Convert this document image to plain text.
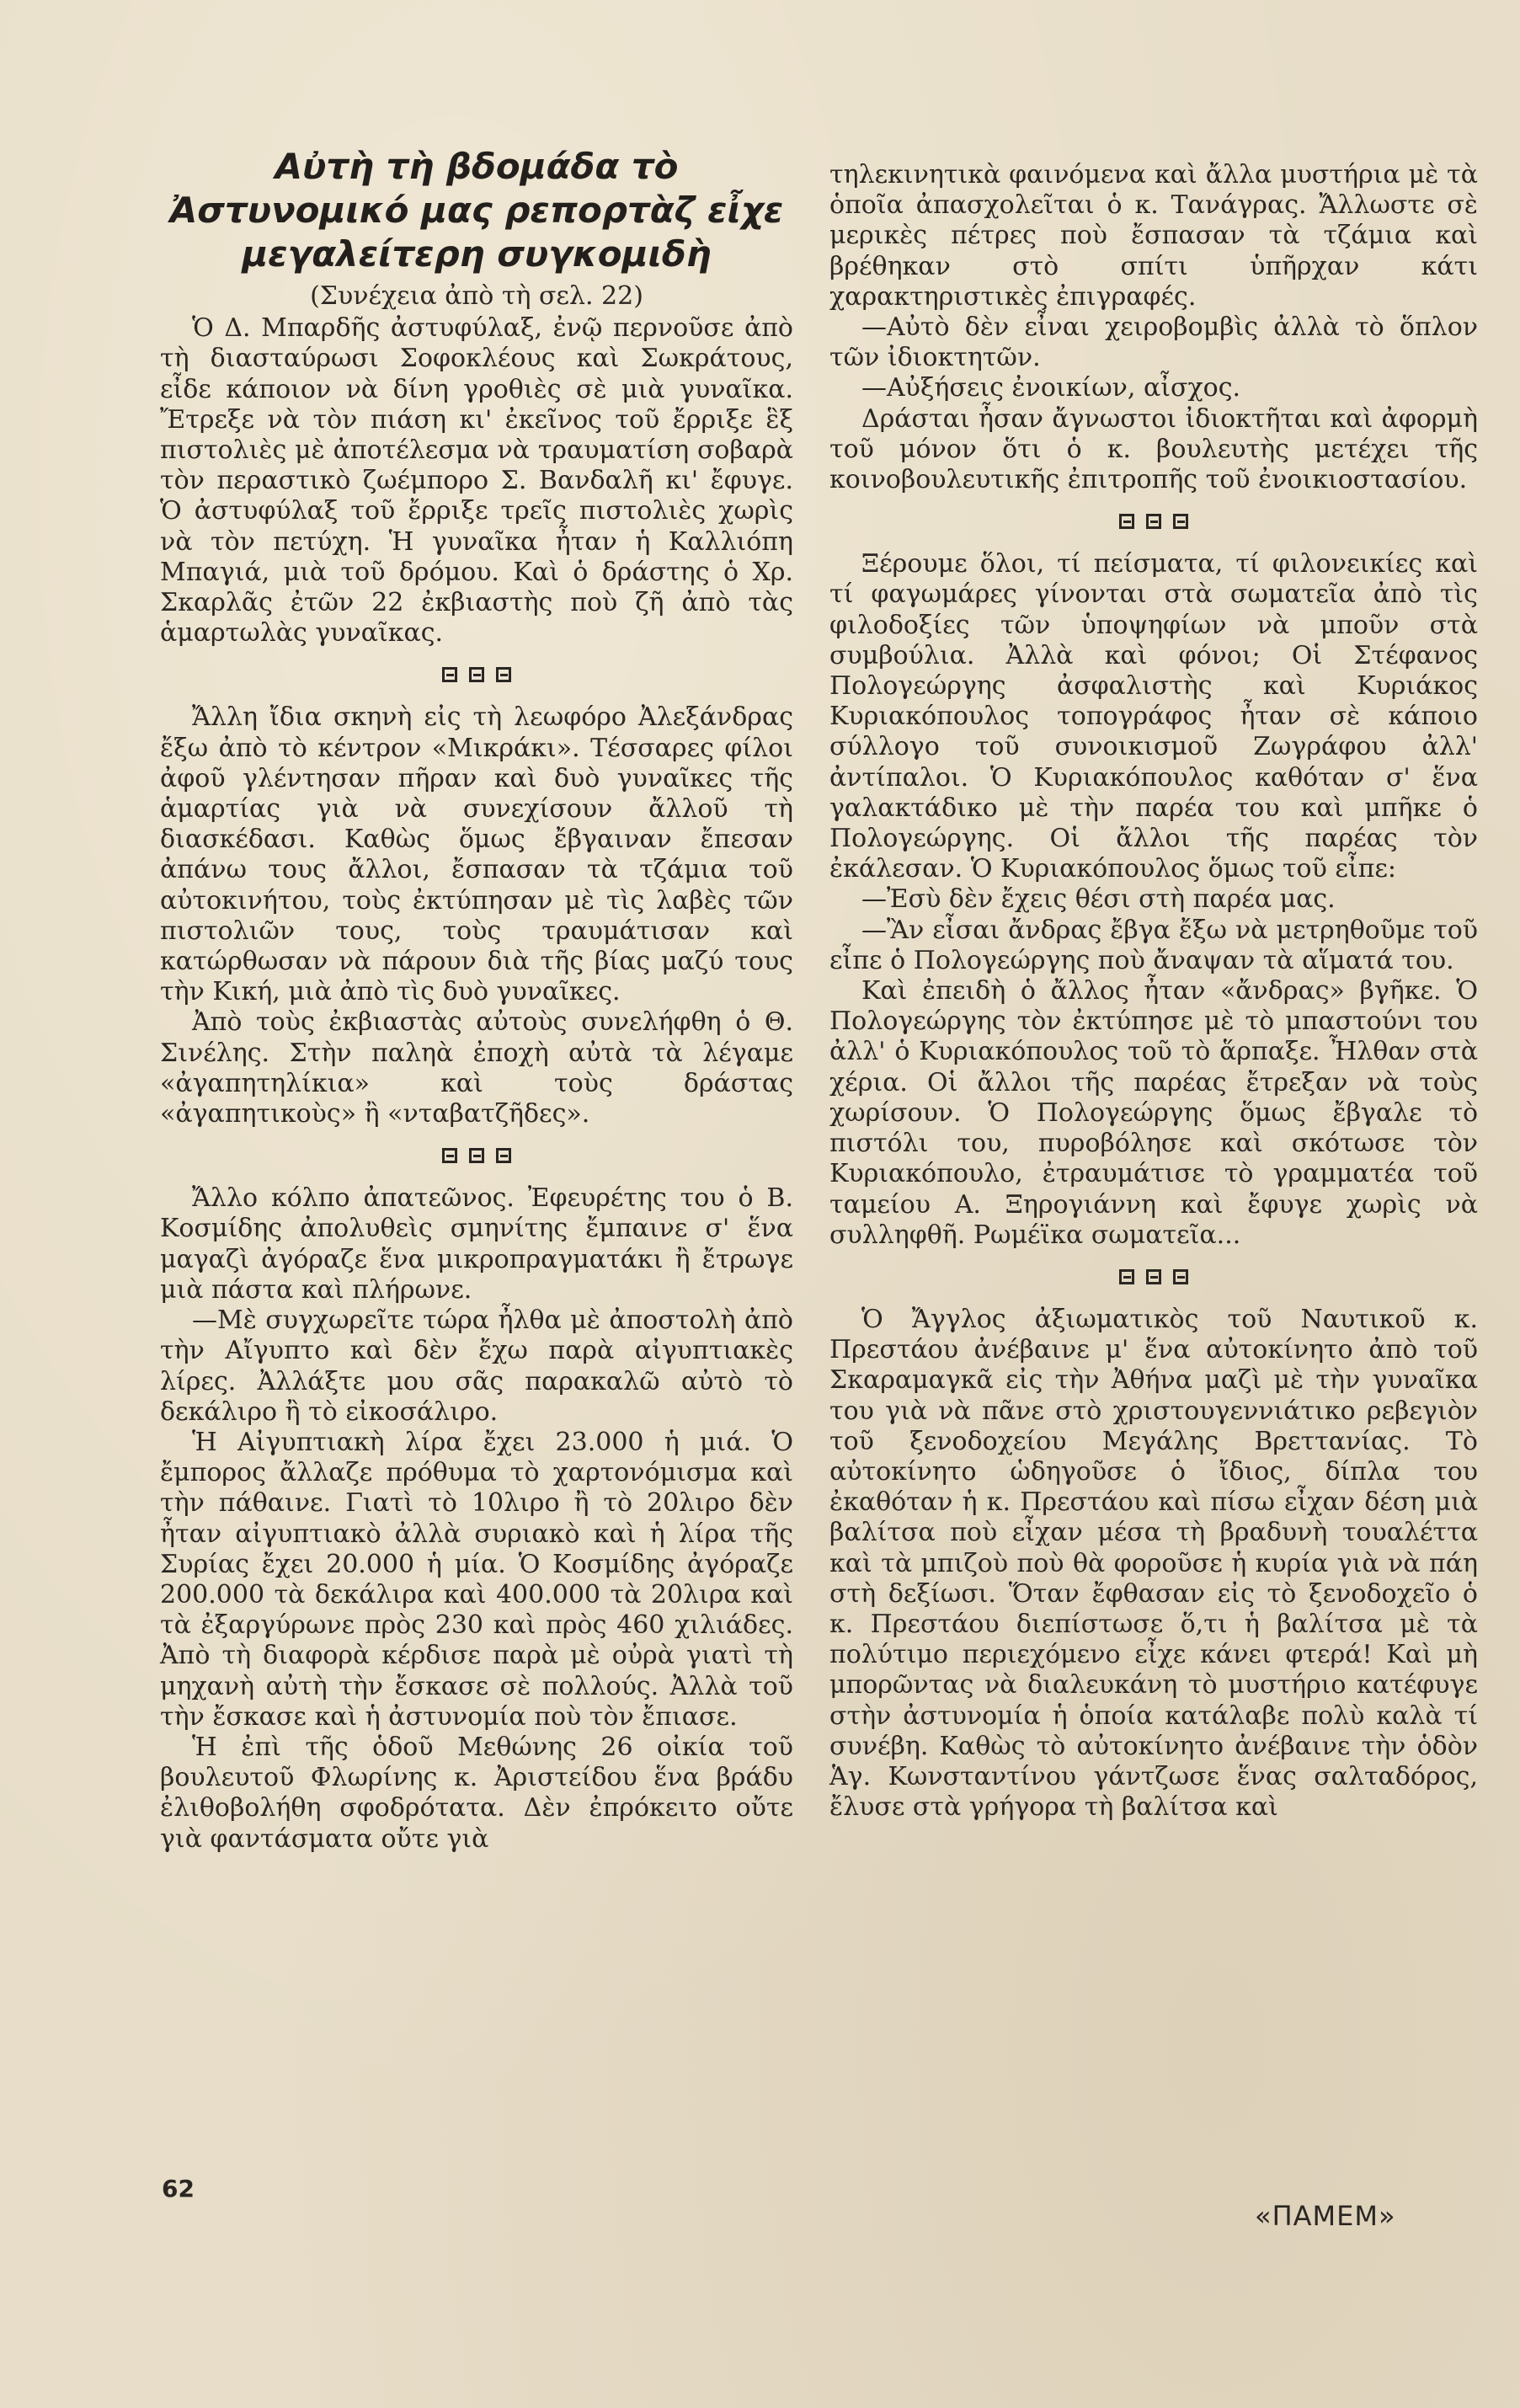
Αὐτὴ τὴ βδομάδα τὸ Ἀστυνομικό μας ρεπορτὰζ εἶχε μεγαλείτερη συγκομιδὴ
(Συνέχεια ἀπὸ τὴ σελ. 22)

Ὁ Δ. Μπαρδῆς ἀστυφύλαξ, ἐνῷ περνοῦσε ἀπὸ τὴ διασταύρωσι Σοφοκλέους καὶ Σωκράτους, εἶδε κάποιον νὰ δίνη γροθιὲς σὲ μιὰ γυναῖκα. Ἔτρεξε νὰ τὸν πιάση κι' ἐκεῖνος τοῦ ἔρριξε ἓξ πιστολιὲς μὲ ἀποτέλεσμα νὰ τραυματίση σοβαρὰ τὸν περαστικὸ ζωέμπορο Σ. Βανδαλῆ κι' ἔφυγε. Ὁ ἀστυφύλαξ τοῦ ἔρριξε τρεῖς πιστολιὲς χωρὶς νὰ τὸν πετύχη. Ἡ γυναῖκα ἦταν ἡ Καλλιόπη Μπαγιά, μιὰ τοῦ δρόμου. Καὶ ὁ δράστης ὁ Χρ. Σκαρλᾶς ἐτῶν 22 ἐκβιαστὴς ποὺ ζῆ ἀπὸ τὰς ἁμαρτωλὰς γυναῖκας.

Ἄλλη ἴδια σκηνὴ εἰς τὴ λεωφόρο Ἀλεξάνδρας ἔξω ἀπὸ τὸ κέντρον «Μικράκι». Τέσσαρες φίλοι ἀφοῦ γλέντησαν πῆραν καὶ δυὸ γυναῖκες τῆς ἁμαρτίας γιὰ νὰ συνεχίσουν ἄλλοῦ τὴ διασκέδασι. Καθὼς ὅμως ἔβγαιναν ἔπεσαν ἀπάνω τους ἄλλοι, ἔσπασαν τὰ τζάμια τοῦ αὐτοκινήτου, τοὺς ἐκτύπησαν μὲ τὶς λαβὲς τῶν πιστολιῶν τους, τοὺς τραυμάτισαν καὶ κατώρθωσαν νὰ πάρουν διὰ τῆς βίας μαζύ τους τὴν Κική, μιὰ ἀπὸ τὶς δυὸ γυναῖκες.

Ἀπὸ τοὺς ἐκβιαστὰς αὐτοὺς συνελήφθη ὁ Θ. Σινέλης. Στὴν παληὰ ἐποχὴ αὐτὰ τὰ λέγαμε «ἀγαπητηλίκια» καὶ τοὺς δράστας «ἀγαπητικοὺς» ἢ «νταβατζῆδες».

Ἄλλο κόλπο ἀπατεῶνος. Ἐφευρέτης του ὁ Β. Κοσμίδης ἀπολυθεὶς σμηνίτης ἔμπαινε σ' ἕνα μαγαζὶ ἀγόραζε ἕνα μικροπραγματάκι ἢ ἔτρωγε μιὰ πάστα καὶ πλήρωνε.

—Μὲ συγχωρεῖτε τώρα ἦλθα μὲ ἀποστολὴ ἀπὸ τὴν Αἴγυπτο καὶ δὲν ἔχω παρὰ αἰγυπτιακὲς λίρες. Ἀλλάξτε μου σᾶς παρακαλῶ αὐτὸ τὸ δεκάλιρο ἢ τὸ εἰκοσάλιρο.

Ἡ Αἰγυπτιακὴ λίρα ἔχει 23.000 ἡ μιά. Ὁ ἔμπορος ἄλλαζε πρόθυμα τὸ χαρτονόμισμα καὶ τὴν πάθαινε. Γιατὶ τὸ 10λιρο ἢ τὸ 20λιρο δὲν ἦταν αἰγυπτιακὸ ἀλλὰ συριακὸ καὶ ἡ λίρα τῆς Συρίας ἔχει 20.000 ἡ μία. Ὁ Κοσμίδης ἀγόραζε 200.000 τὰ δεκάλιρα καὶ 400.000 τὰ 20λιρα καὶ τὰ ἐξαργύρωνε πρὸς 230 καὶ πρὸς 460 χιλιάδες. Ἀπὸ τὴ διαφορὰ κέρδισε παρὰ μὲ οὐρὰ γιατὶ τὴ μηχανὴ αὐτὴ τὴν ἔσκασε σὲ πολλούς. Ἀλλὰ τοῦ τὴν ἔσκασε καὶ ἡ ἀστυνομία ποὺ τὸν ἔπιασε.

Ἡ ἐπὶ τῆς ὁδοῦ Μεθώνης 26 οἰκία τοῦ βουλευτοῦ Φλωρίνης κ. Ἀριστείδου ἕνα βράδυ ἐλιθοβολήθη σφοδρότατα. Δὲν ἐπρόκειτο οὔτε γιὰ φαντάσματα οὔτε γιὰ

τηλεκινητικὰ φαινόμενα καὶ ἄλλα μυστήρια μὲ τὰ ὁποῖα ἀπασχολεῖται ὁ κ. Τανάγρας. Ἄλλωστε σὲ μερικὲς πέτρες ποὺ ἔσπασαν τὰ τζάμια καὶ βρέθηκαν στὸ σπίτι ὑπῆρχαν κάτι χαρακτηριστικὲς ἐπιγραφές.

—Αὐτὸ δὲν εἶναι χειροβομβὶς ἀλλὰ τὸ ὅπλον τῶν ἰδιοκτητῶν.

—Αὐξήσεις ἐνοικίων, αἶσχος.

Δράσται ἦσαν ἄγνωστοι ἰδιοκτῆται καὶ ἀφορμὴ τοῦ μόνον ὅτι ὁ κ. βουλευτὴς μετέχει τῆς κοινοβουλευτικῆς ἐπιτροπῆς τοῦ ἐνοικιοστασίου.

Ξέρουμε ὅλοι, τί πείσματα, τί φιλονεικίες καὶ τί φαγωμάρες γίνονται στὰ σωματεῖα ἀπὸ τὶς φιλοδοξίες τῶν ὑποψηφίων νὰ μποῦν στὰ συμβούλια. Ἀλλὰ καὶ φόνοι; Οἱ Στέφανος Πολογεώργης ἀσφαλιστὴς καὶ Κυριάκος Κυριακόπουλος τοπογράφος ἦταν σὲ κάποιο σύλλογο τοῦ συνοικισμοῦ Ζωγράφου ἀλλ' ἀντίπαλοι. Ὁ Κυριακόπουλος καθόταν σ' ἕνα γαλακτάδικο μὲ τὴν παρέα του καὶ μπῆκε ὁ Πολογεώργης. Οἱ ἄλλοι τῆς παρέας τὸν ἐκάλεσαν. Ὁ Κυριακόπουλος ὅμως τοῦ εἶπε:

—Ἐσὺ δὲν ἔχεις θέσι στὴ παρέα μας.

—Ἂν εἶσαι ἄνδρας ἔβγα ἔξω νὰ μετρηθοῦμε τοῦ εἶπε ὁ Πολογεώργης ποὺ ἄναψαν τὰ αἵματά του.

Καὶ ἐπειδὴ ὁ ἄλλος ἦταν «ἄνδρας» βγῆκε. Ὁ Πολογεώργης τὸν ἐκτύπησε μὲ τὸ μπαστούνι του ἀλλ' ὁ Κυριακόπουλος τοῦ τὸ ἅρπαξε. Ἦλθαν στὰ χέρια. Οἱ ἄλλοι τῆς παρέας ἔτρεξαν νὰ τοὺς χωρίσουν. Ὁ Πολογεώργης ὅμως ἔβγαλε τὸ πιστόλι του, πυροβόλησε καὶ σκότωσε τὸν Κυριακόπουλο, ἐτραυμάτισε τὸ γραμματέα τοῦ ταμείου Α. Ξηρογιάννη καὶ ἔφυγε χωρὶς νὰ συλληφθῆ. Ρωμέϊκα σωματεῖα...

Ὁ Ἄγγλος ἀξιωματικὸς τοῦ Ναυτικοῦ κ. Πρεστάου ἀνέβαινε μ' ἕνα αὐτοκίνητο ἀπὸ τοῦ Σκαραμαγκᾶ εἰς τὴν Ἀθήνα μαζὶ μὲ τὴν γυναῖκα του γιὰ νὰ πᾶνε στὸ χριστουγεννιάτικο ρεβεγιὸν τοῦ ξενοδοχείου Μεγάλης Βρεττανίας. Τὸ αὐτοκίνητο ὡδηγοῦσε ὁ ἴδιος, δίπλα του ἐκαθόταν ἡ κ. Πρεστάου καὶ πίσω εἶχαν δέση μιὰ βαλίτσα ποὺ εἶχαν μέσα τὴ βραδυνὴ τουαλέττα καὶ τὰ μπιζοὺ ποὺ θὰ φοροῦσε ἡ κυρία γιὰ νὰ πάη στὴ δεξίωσι. Ὅταν ἔφθασαν εἰς τὸ ξενοδοχεῖο ὁ κ. Πρεστάου διεπίστωσε ὅ,τι ἡ βαλίτσα μὲ τὰ πολύτιμο περιεχόμενο εἶχε κάνει φτερά! Καὶ μὴ μπορῶντας νὰ διαλευκάνη τὸ μυστήριο κατέφυγε στὴν ἀστυνομία ἡ ὁποία κατάλαβε πολὺ καλὰ τί συνέβη. Καθὼς τὸ αὐτοκίνητο ἀνέβαινε τὴν ὁδὸν Ἁγ. Κωνσταντίνου γάντζωσε ἕνας σαλταδόρος, ἔλυσε στὰ γρήγορα τὴ βαλίτσα καὶ

62
«ΠΑΜΕΜ»
